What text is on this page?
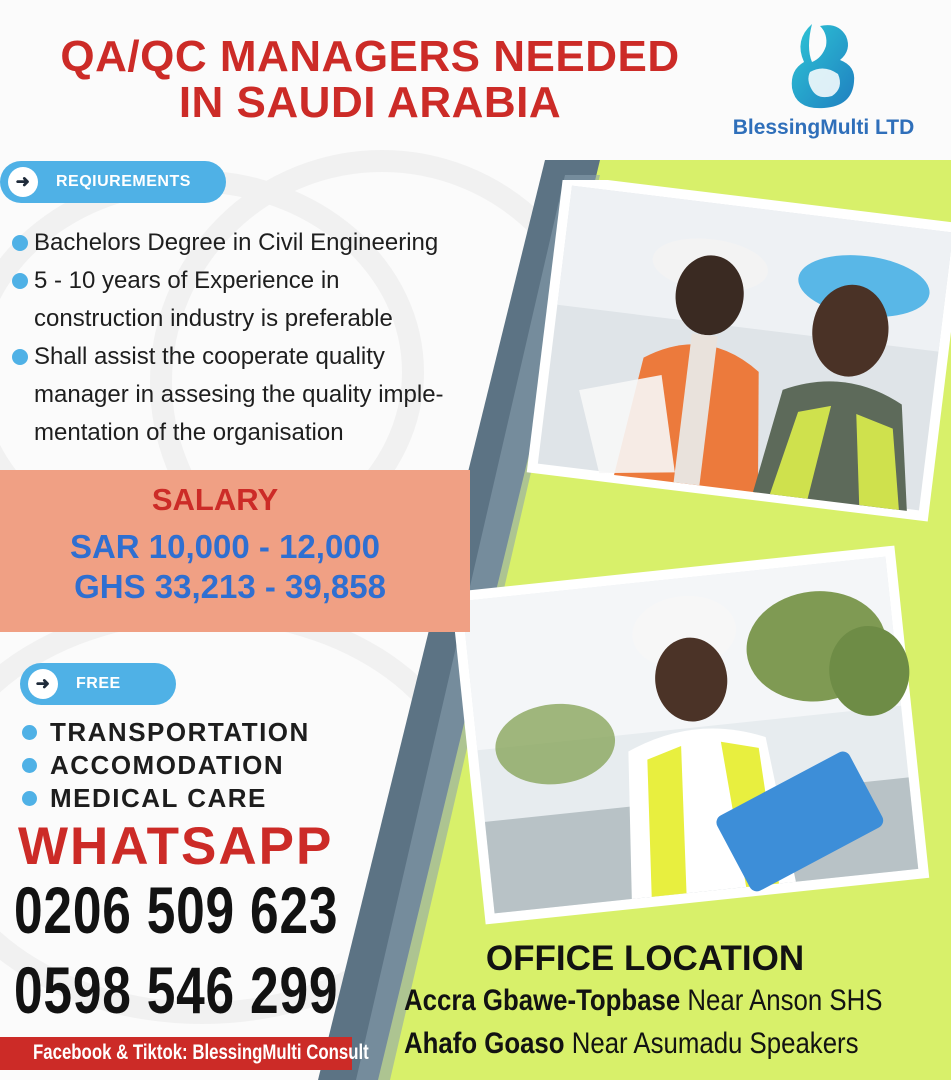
QA/QC MANAGERS NEEDED
IN SAUDI ARABIA
BlessingMulti LTD
➜	REQIUREMENTS
Bachelors Degree in Civil Engineering
5 - 10 years of Experience in
construction industry is preferable
Shall assist the cooperate quality
manager in assesing the quality imple-
mentation of the organisation
SALARY
SAR 10,000 - 12,000
GHS 33,213 - 39,858
➜	FREE
TRANSPORTATION
ACCOMODATION
MEDICAL CARE
WHATSAPP
0206 509 623
0598 546 299
Facebook & Tiktok: BlessingMulti Consult
OFFICE LOCATION
Accra Gbawe-Topbase Near Anson SHS
Ahafo Goaso Near Asumadu Speakers
